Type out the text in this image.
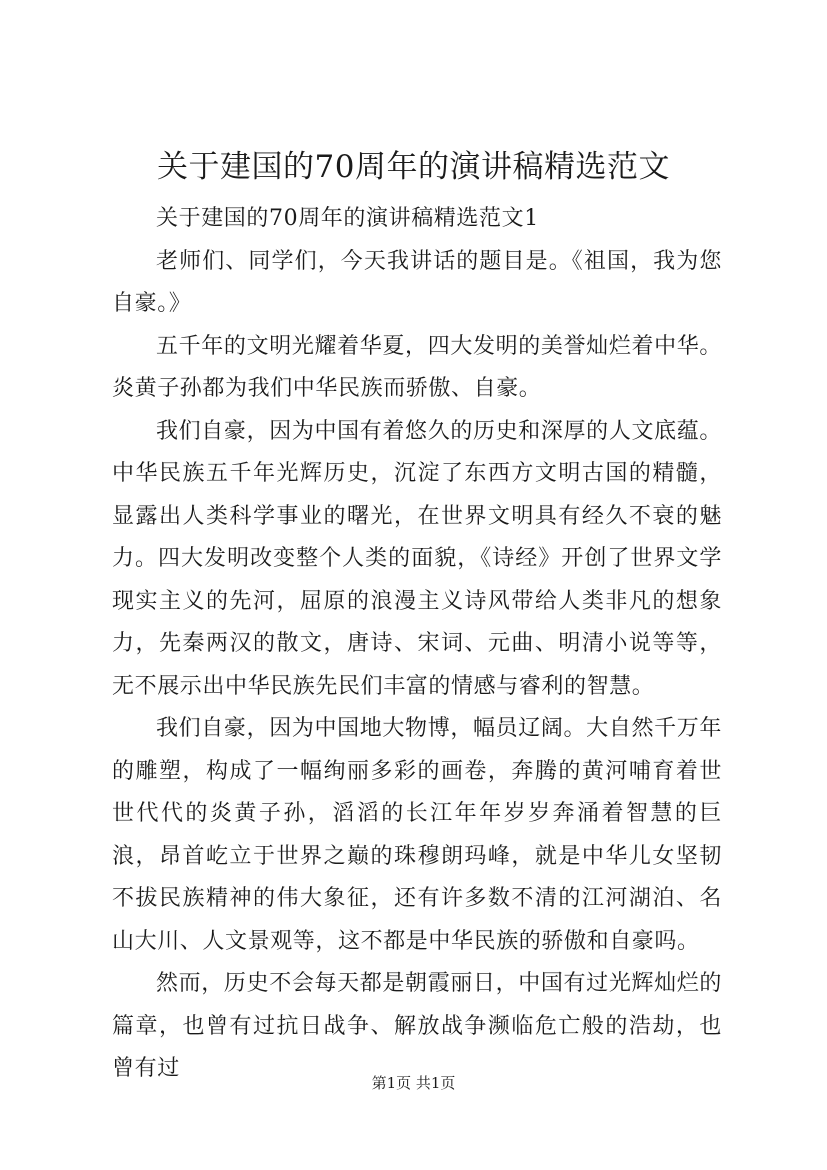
关于建国的70周年的演讲稿精选范文

关于建国的70周年的演讲稿精选范文1

老师们、同学们，今天我讲话的题目是。《祖国，我为您自豪。》

五千年的文明光耀着华夏，四大发明的美誉灿烂着中华。炎黄子孙都为我们中华民族而骄傲、自豪。

我们自豪，因为中国有着悠久的历史和深厚的人文底蕴。中华民族五千年光辉历史，沉淀了东西方文明古国的精髓，显露出人类科学事业的曙光，在世界文明具有经久不衰的魅力。四大发明改变整个人类的面貌，《诗经》开创了世界文学现实主义的先河，屈原的浪漫主义诗风带给人类非凡的想象力，先秦两汉的散文，唐诗、宋词、元曲、明清小说等等，无不展示出中华民族先民们丰富的情感与睿利的智慧。

我们自豪，因为中国地大物博，幅员辽阔。大自然千万年的雕塑，构成了一幅绚丽多彩的画卷，奔腾的黄河哺育着世世代代的炎黄子孙，滔滔的长江年年岁岁奔涌着智慧的巨浪，昂首屹立于世界之巅的珠穆朗玛峰，就是中华儿女坚韧不拔民族精神的伟大象征，还有许多数不清的江河湖泊、名山大川、人文景观等，这不都是中华民族的骄傲和自豪吗。

然而，历史不会每天都是朝霞丽日，中国有过光辉灿烂的篇章，也曾有过抗日战争、解放战争濒临危亡般的浩劫，也曾有过

第1页 共1页
